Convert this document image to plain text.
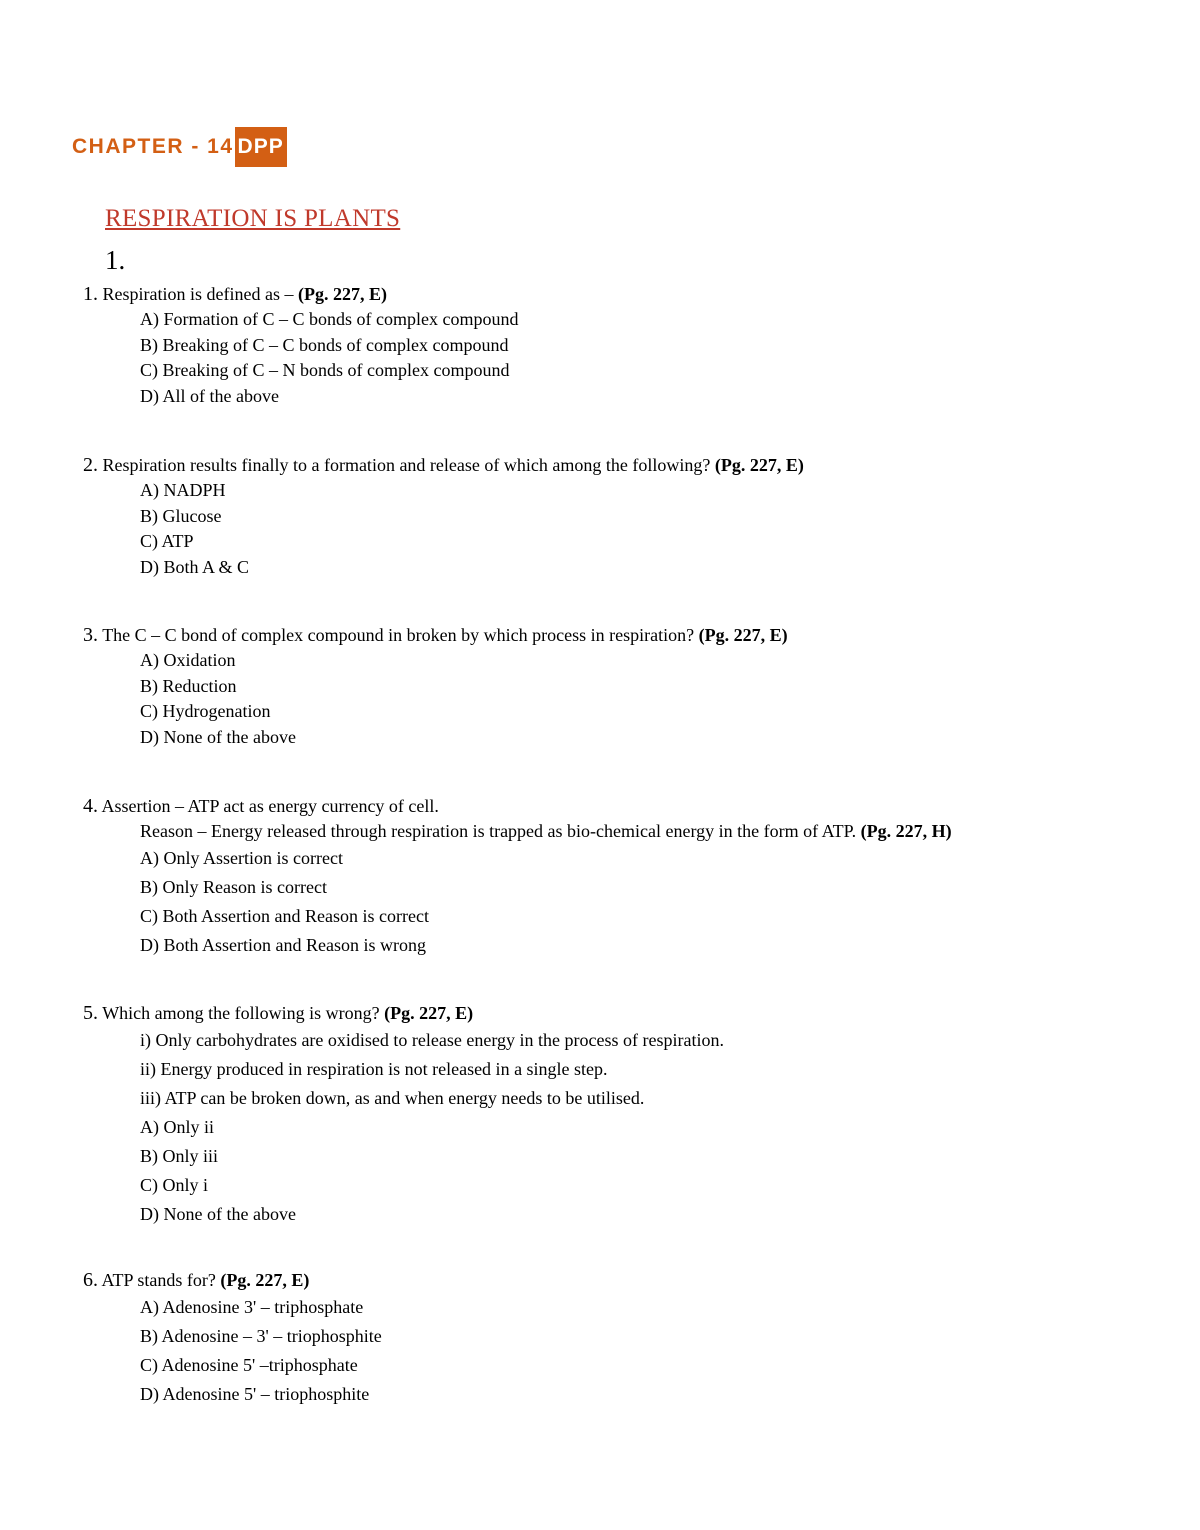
CHAPTER - 14 DPP
RESPIRATION IS PLANTS
1.
1. Respiration is defined as – (Pg. 227, E)
A) Formation of C – C bonds of complex compound
B) Breaking of C – C bonds of complex compound
C) Breaking of C – N bonds of complex compound
D) All of the above
2. Respiration results finally to a formation and release of which among the following? (Pg. 227, E)
A) NADPH
B) Glucose
C) ATP
D) Both A & C
3. The C – C bond of complex compound in broken by which process in respiration? (Pg. 227, E)
A) Oxidation
B) Reduction
C) Hydrogenation
D) None of the above
4. Assertion – ATP act as energy currency of cell.
Reason – Energy released through respiration is trapped as bio-chemical energy in the form of ATP. (Pg. 227, H)
A) Only Assertion is correct
B) Only Reason is correct
C) Both Assertion and Reason is correct
D) Both Assertion and Reason is wrong
5. Which among the following is wrong? (Pg. 227, E)
i) Only carbohydrates are oxidised to release energy in the process of respiration.
ii) Energy produced in respiration is not released in a single step.
iii) ATP can be broken down, as and when energy needs to be utilised.
A) Only ii
B) Only iii
C) Only i
D) None of the above
6. ATP stands for? (Pg. 227, E)
A) Adenosine 3' – triphosphate
B) Adenosine – 3' – triophosphite
C) Adenosine 5' –triphosphate
D) Adenosine 5' – triophosphite
